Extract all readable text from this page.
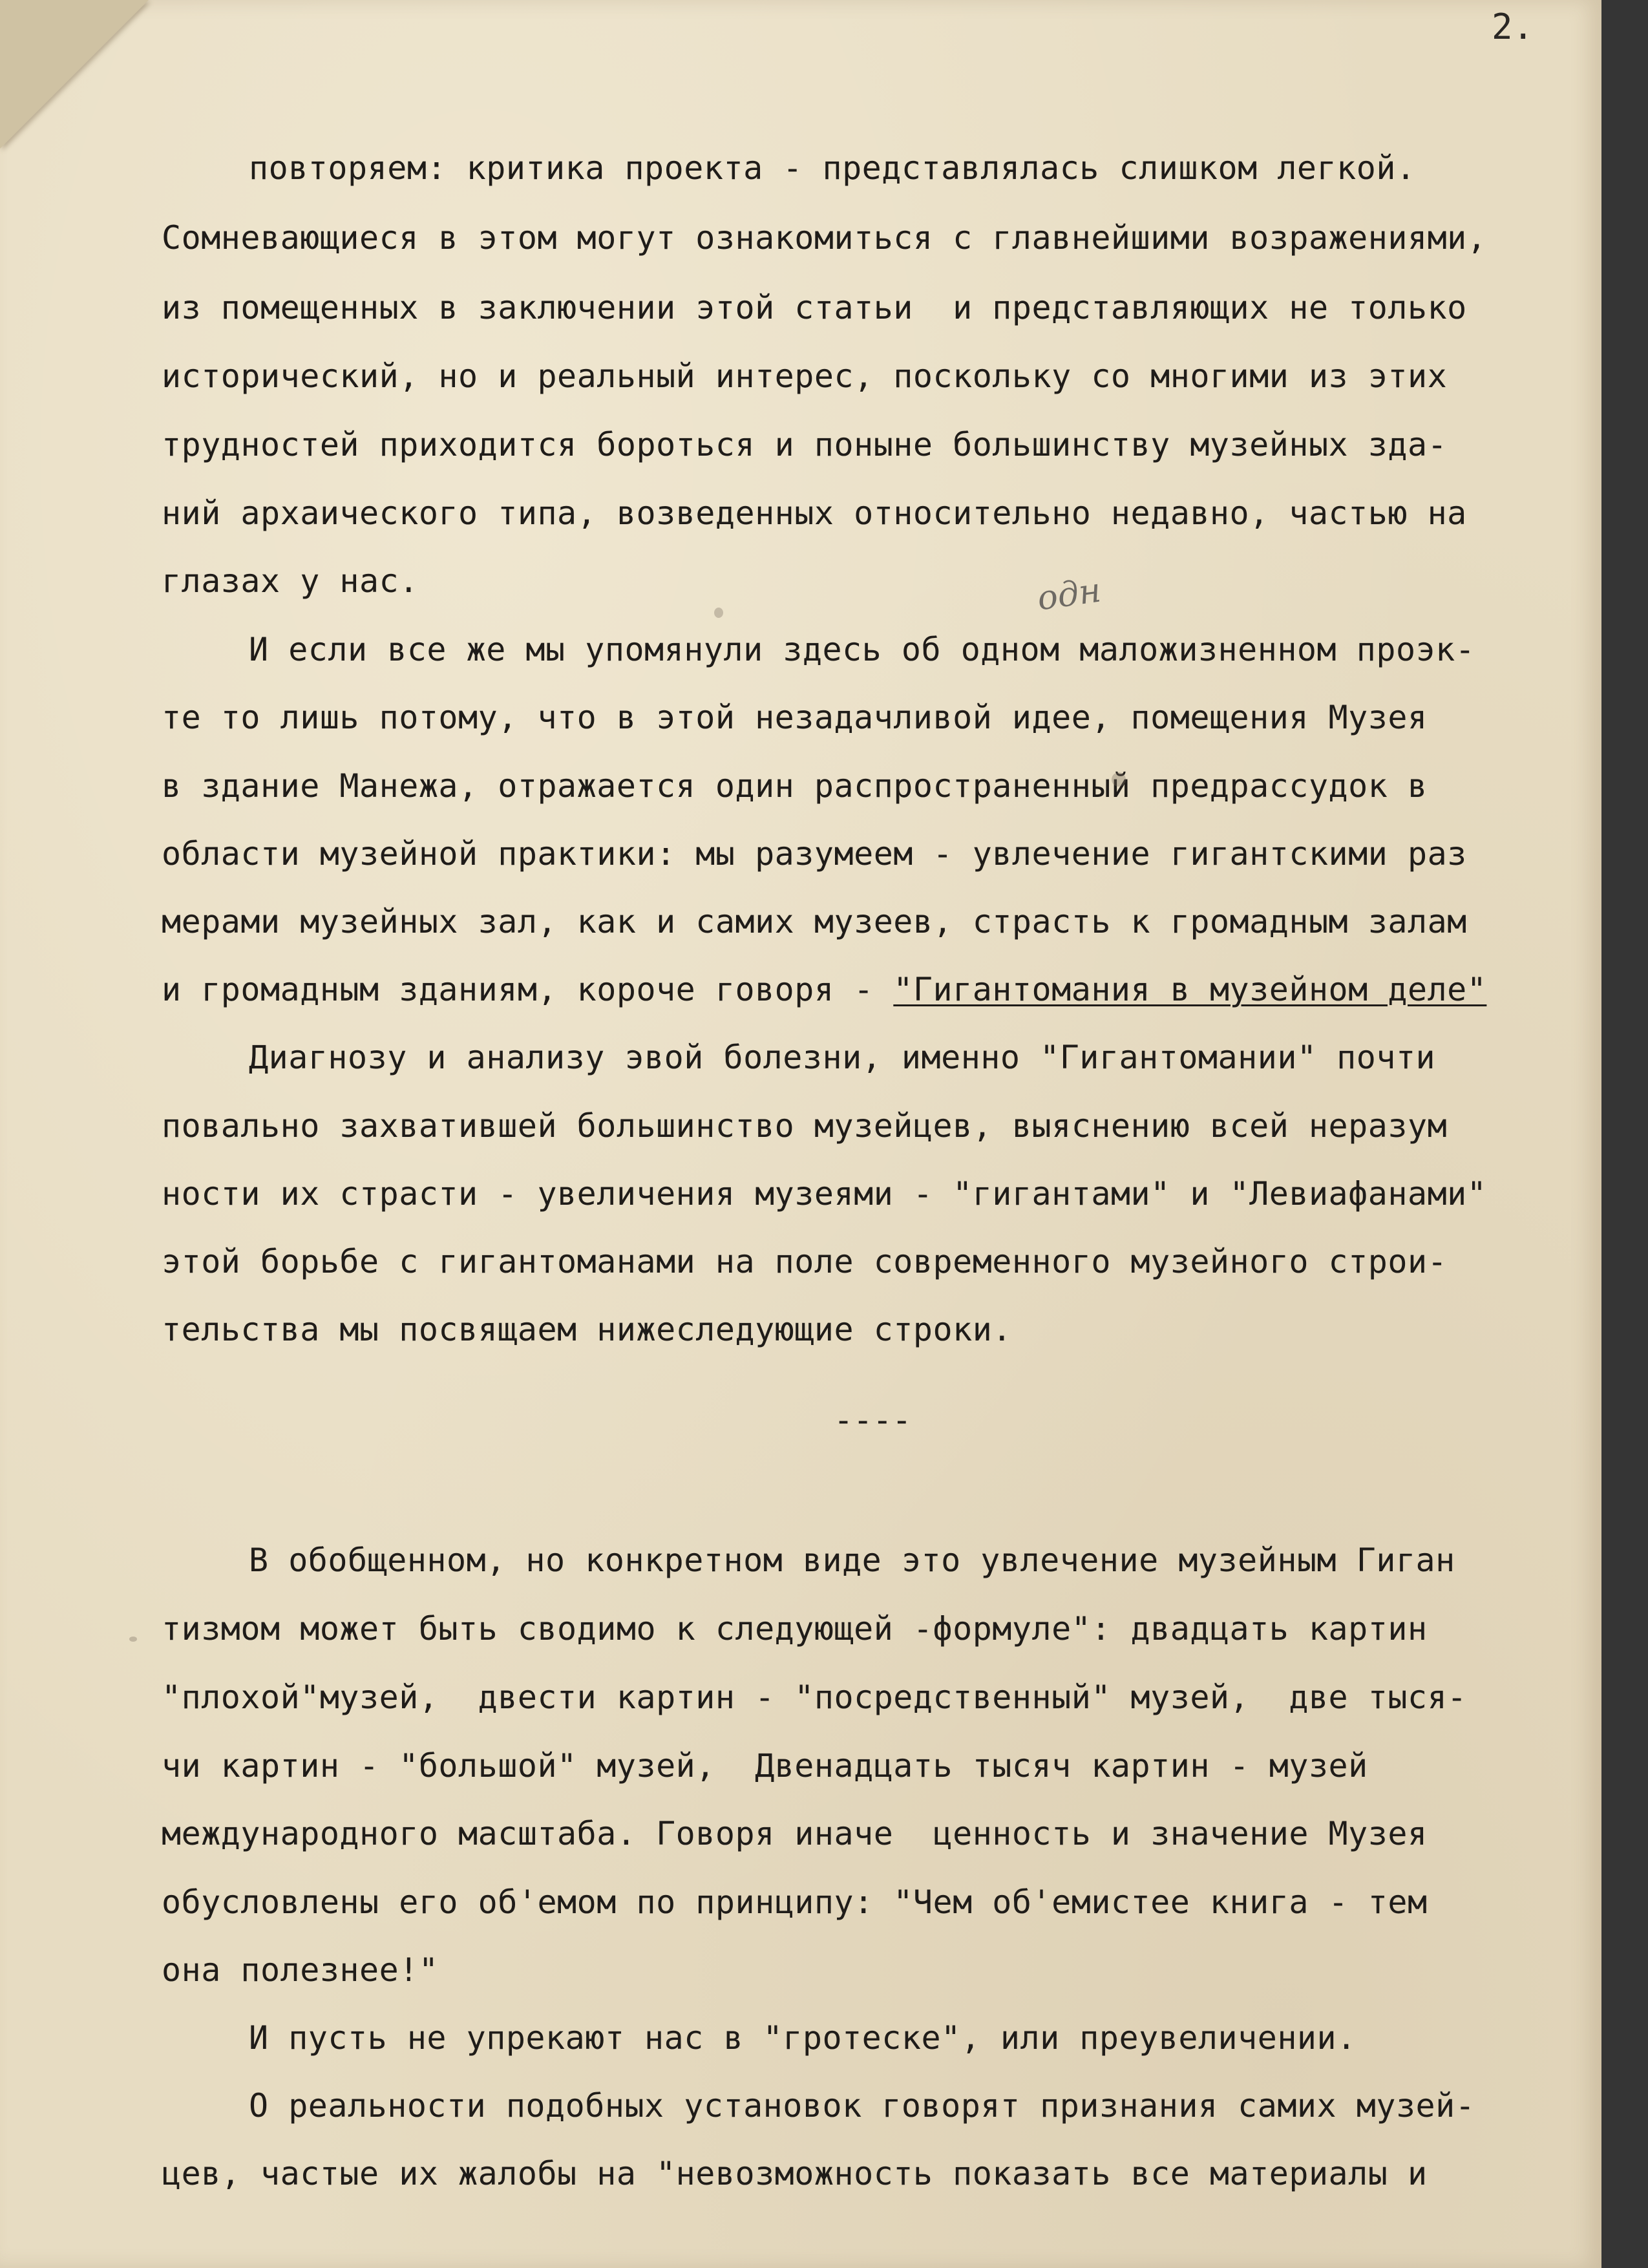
2.
одн
повторяем: критика проекта - представлялась слишком легкой.
Сомневающиеся в этом могут ознакомиться с главнейшими возражениями,
из помещенных в заключении этой статьи  и представляющих не только
исторический, но и реальный интерес, поскольку со многими из этих
трудностей приходится бороться и поныне большинству музейных зда-
ний архаического типа, возведенных относительно недавно, частью на
глазах у нас.
И если все же мы упомянули здесь об одном маложизненном проэк-
те то лишь потому, что в этой незадачливой идее, помещения Музея
в здание Манежа, отражается один распространенный предрассудок в
области музейной практики: мы разумеем - увлечение гигантскими раз
мерами музейных зал, как и самих музеев, страсть к громадным залам
и громадным зданиям, короче говоря - "Гигантомания в музейном деле"
Диагнозу и анализу эвой болезни, именно "Гигантомании" почти
повально захватившей большинство музейцев, выяснению всей неразум
ности их страсти - увеличения музеями - "гигантами" и "Левиафанами"
этой борьбе с гигантоманами на поле современного музейного строи-
тельства мы посвящаем нижеследующие строки.
----
В обобщенном, но конкретном виде это увлечение музейным Гиган
тизмом может быть сводимо к следующей -формуле": двадцать картин
"плохой"музей,  двести картин - "посредственный" музей,  две тыся-
чи картин - "большой" музей,  Двенадцать тысяч картин - музей
международного масштаба. Говоря иначе  ценность и значение Музея
обусловлены его об'емом по принципу: "Чем об'емистее книга - тем
она полезнее!"
И пусть не упрекают нас в "гротеске", или преувеличении.
О реальности подобных установок говорят признания самих музей-
цев, частые их жалобы на "невозможность показать все материалы и
